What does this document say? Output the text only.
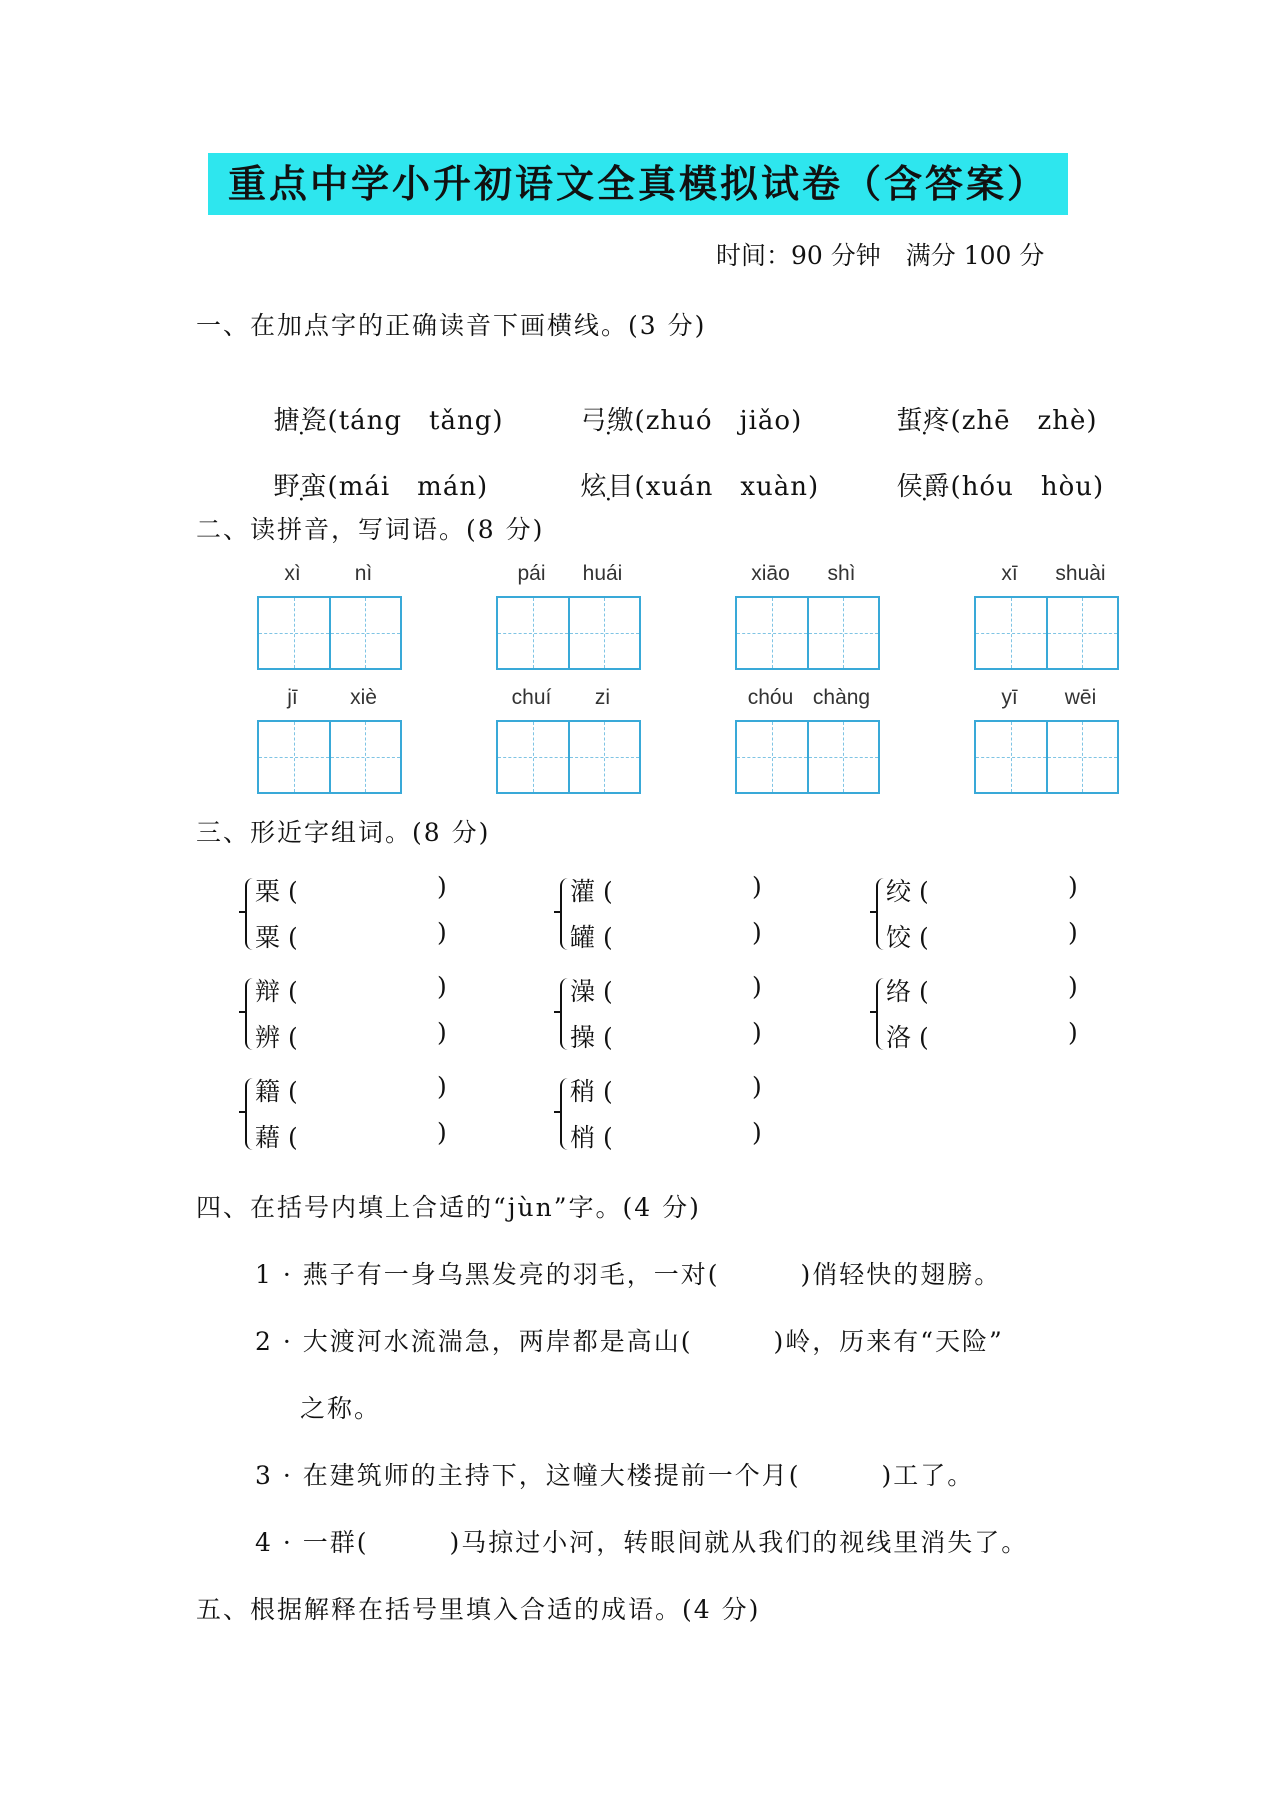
重点中学小升初语文全真模拟试卷（含答案）
时间：90 分钟　满分 100 分
一、在加点字的正确读音下画横线。(3 分)

搪瓷(táng　tǎng)	弓缴(zhuó　jiǎo)	蜇疼(zhē　zhè)

野蛮(mái　mán)	炫目(xuán　xuàn)	侯爵(hóu　hòu)

二、读拼音，写词语。(8 分)
xì	nì	pái	huái	xiāo	shì	xī	shuài
jī	xiè	chuí	zi	chóu chàng	yī	wēi
三、形近字组词。(8 分)
栗 (	)
粟 (	)
灌 (	)
罐 (	)
绞 (	)
饺 (	)
辩 (	)
辨 (	)
澡 (	)
操 (	)
络 (	)
洛 (	)
籍 (	)
藉 (	)
稍 (	)
梢 (	)
四、在括号内填上合适的“jùn”字。(4 分)
1 · 燕子有一身乌黑发亮的羽毛，一对(　　　)俏轻快的翅膀。
2 · 大渡河水流湍急，两岸都是高山(　　　)岭，历来有“天险”
之称。
3 · 在建筑师的主持下，这幢大楼提前一个月(　　　)工了。
4 · 一群(　　　)马掠过小河，转眼间就从我们的视线里消失了。
五、根据解释在括号里填入合适的成语。(4 分)
